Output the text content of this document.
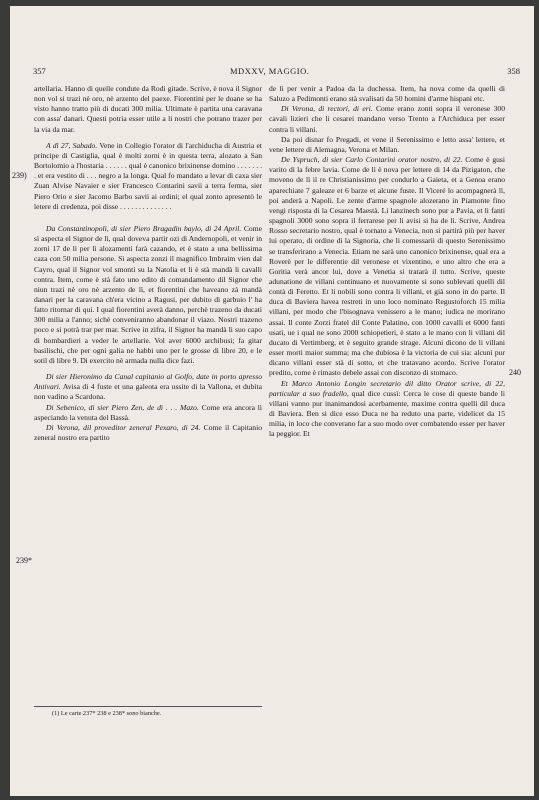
357	MDXXV, MAGGIO.	358
239)
239*
240

artellaria. Hanno di quelle condute da Rodi gitade. Scrive, è nova il Signor non vol si trazi nè oro, nè arzento del paexe. Fiorentini per le doane se ha visto hanno tratto più di ducati 300 milia. Ultimate è partita una caravana con assa' danari. Questi potria esser utile a li nostri che potrano trazer per la via da mar.

A dì 27, Sabado. Vene in Collegio l'orator di l'archiducha di Austria et principe di Castiglia, qual è molti zorni è in questa terra, alozato a San Bortolomio a l'hostaria . . . . . . qual è canonico brixinense domino . . . . . . . . et era vestito di . . . negro a la longa. Qual fo mandato a levar di caxa sier Zuan Alvise Navaier e sier Francesco Contarini savii a terra ferma, sier Piero Orio e sier Jacomo Barbo savii ai ordini; el qual zonto apresentò le letere di credenza, poi disse . . . . . . . . . . . . . .

Da Constantinopoli, di sier Piero Bragadin baylo, di 24 April. Come sì aspecta el Signor de lì, qual doveva partir ozi di Andernopoli, et venir in zorni 17 de lì per lì alozamenti farà cazando, et è stato a una bellissima caza con 50 milia persone. Si aspecta zonzi il magnifico Imbraim vien dal Cayro, qual il Signor vol smonti su la Natolia et li è stà mandà li cavalli contra. Item, come è stà fato uno edito di comandamento dil Signor che niun trazi nè oro nè arzento de lì, et fiorentini che haveano zà mandà danari per la caravana ch'era vicino a Ragusi, per dubito di garbuio l' ha fatto ritornar di qui. I qual fiorentini averà danno, perchè trazeno da ducati 300 milia a l'anno; sichè conveniranno abandonar il viazo. Nostri trazeno poco e si potrà trar per mar. Scrive in zifra, il Signor ha mandà li suo capo di bombardieri a veder le artellarie. Vol aver 6000 archibusi; fa gitar basilischi, che per ogni galia ne habbi uno per le grosse di libre 20, e le sotil di libre 9. Di exercito nè armada nulla dice fazi.

Di sier Hieronimo da Canal capitanio al Golfo, date in porto apresso Antivari. Avisa di 4 fuste et una galeota era ussite di la Vallona, et dubita non vadino a Scardona.

Di Sebenico, di sier Piero Zen, de dì . . . Mazo. Come era ancora lì aspeciando la venuta del Bassà.

Di Verona, dil proveditor zeneral Pexaro, di 24. Come il Capitanio zeneral nostro era partito

de lì per venir a Padoa da la duchessa. Item, ha nova come da quelli di Saluzo a Pedimonti erano stà svalisati da 50 homini d'arme hispani etc.

Di Verona, di rectori, di eri. Come erano zonti sopra il veronese 300 cavali lizieri che li cesarei mandano verso Trento a l'Archiduca per esser contra li villani.

Da poi disnar fo Pregadi, et vene il Serenissimo e letto assa' lettere, et vene lettere di Alemagna, Verona et Milan.

De Yspruch, di sier Carlo Contarini orator nostro, di 22. Come è gusi varito di la febre lavia. Come de lì è nova per lettere di 14 da Pizigaton, che moveno de lì il re Christianissimo per condurlo a Gaieta, et a Genoa erano aparechiate 7 galeaze et 6 barze et alcune fuste. Il Viceré lo acompagnerà lì, poi anderà a Napoli. Le zente d'arme spagnole alozerano in Piamonte fino vengi risposta di la Cesarea Maestà. Li lanzinech sono pur a Pavia, et li fanti spagnoli 3000 sono sopra il ferrarese per li avisi si ha de lì. Scrive, Andrea Rosso secretario nostro, qual è tornato a Venecia, non si partirà più per haver lui operato, di ordine di la Signoria, che li comessarii di questo Serenissimo se transferirano a Venecia. Etiam ne sarà uno canonico brixinense, qual era a Roverè per le differentie dil veronese et vixentino, e uno altro che era a Goritia verà ancor lui, dove a Venetia si tratarà il tutto. Scrive, queste adunatione de villani continuano et nuovamente si sono sublevati quelli dil contà di Feretto. Et li nobili sono contra li villani, et già sono in do parte. Il duca di Baviera havea restreti in uno loco nominato Regustoforch 15 milia villani, per modo che l'bisognava venissero a le mano; iudica ne morirano assai. Il conte Zorzi fratel dil Conte Palatino, con 1000 cavalli et 6000 fanti usati, ue i qual ne sono 2000 schiopetieri, è stato a le mano con li villani dil ducato di Vertimberg, et è seguito grande strage. Alcuni dicono de li villani esser morti maior summa; ma che dubiosa è la victoria de cui sia: alcuni pur dicano villani esser stà di sotto, et che tratavano acordo. Scrive l'orator predito, come è rimasto debele assai con disconzo di stomaco.

Et Marco Antonio Longin secretario dil ditto Orator scrive, di 22, particular a suo fradello, qual dice cussì: Cerca le cose di queste bande li villani vanno pur inanimandosi acerbamente, maxime contra quelli dil duca di Baviera. Ben si dice esso Duca ne ha reduto una parte, videlicet da 15 milia, in loco che converano far a suo modo over combatendo esser per haver la peggior. Et

(1) Le carte 237* 238 e 238* sono bianche.
